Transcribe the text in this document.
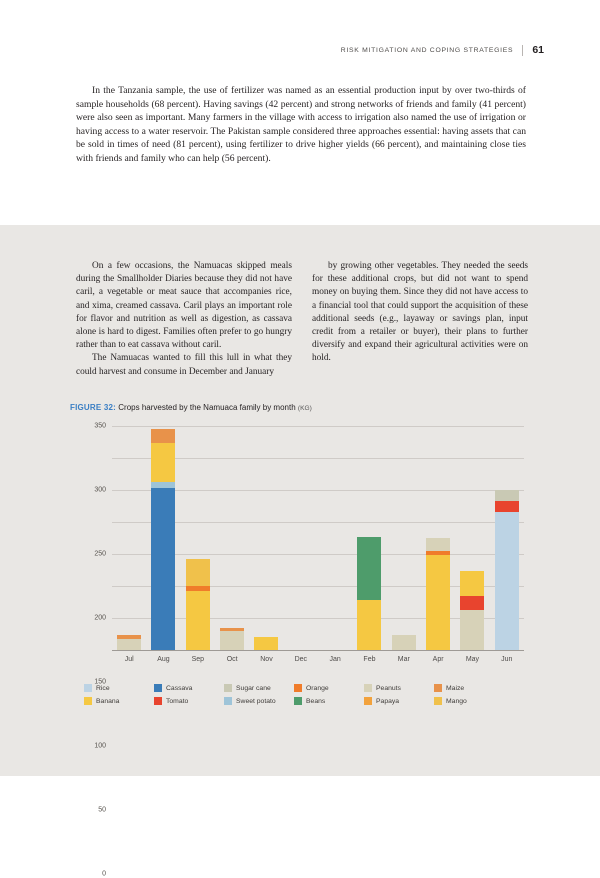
RISK MITIGATION AND COPING STRATEGIES 61

In the Tanzania sample, the use of fertilizer was named as an essential production input by over two-thirds of sample households (68 percent). Having savings (42 percent) and strong networks of friends and family (41 percent) were also seen as important. Many farmers in the village with access to irrigation also named the use of irrigation or having access to a water reservoir. The Pakistan sample considered three approaches essential: having assets that can be sold in times of need (81 percent), using fertilizer to drive higher yields (66 percent), and maintaining close ties with friends and family who can help (56 percent).

On a few occasions, the Namuacas skipped meals during the Smallholder Diaries because they did not have caril, a vegetable or meat sauce that accompanies rice, and xima, creamed cassava. Caril plays an important role for flavor and nutrition as well as digestion, as cassava alone is hard to digest. Families often prefer to go hungry rather than to eat cassava without caril.

The Namuacas wanted to fill this lull in what they could harvest and consume in December and January

by growing other vegetables. They needed the seeds for these additional crops, but did not want to spend money on buying them. Since they did not have access to a financial tool that could support the acquisition of these additional seeds (e.g., layaway or savings plan, input credit from a retailer or buyer), their plans to further diversify and expand their agricultural activities were on hold.

FIGURE 32: Crops harvested by the Namuaca family by month (KG)
0
50
100
150
200
250
300
350
Jul	Aug	Sep	Oct	Nov	Dec	Jan	Feb	Mar	Apr	May	Jun
Rice	Cassava	Sugar cane	Orange	Peanuts	Maize
Banana	Tomato	Sweet potato	Beans	Papaya	Mango
